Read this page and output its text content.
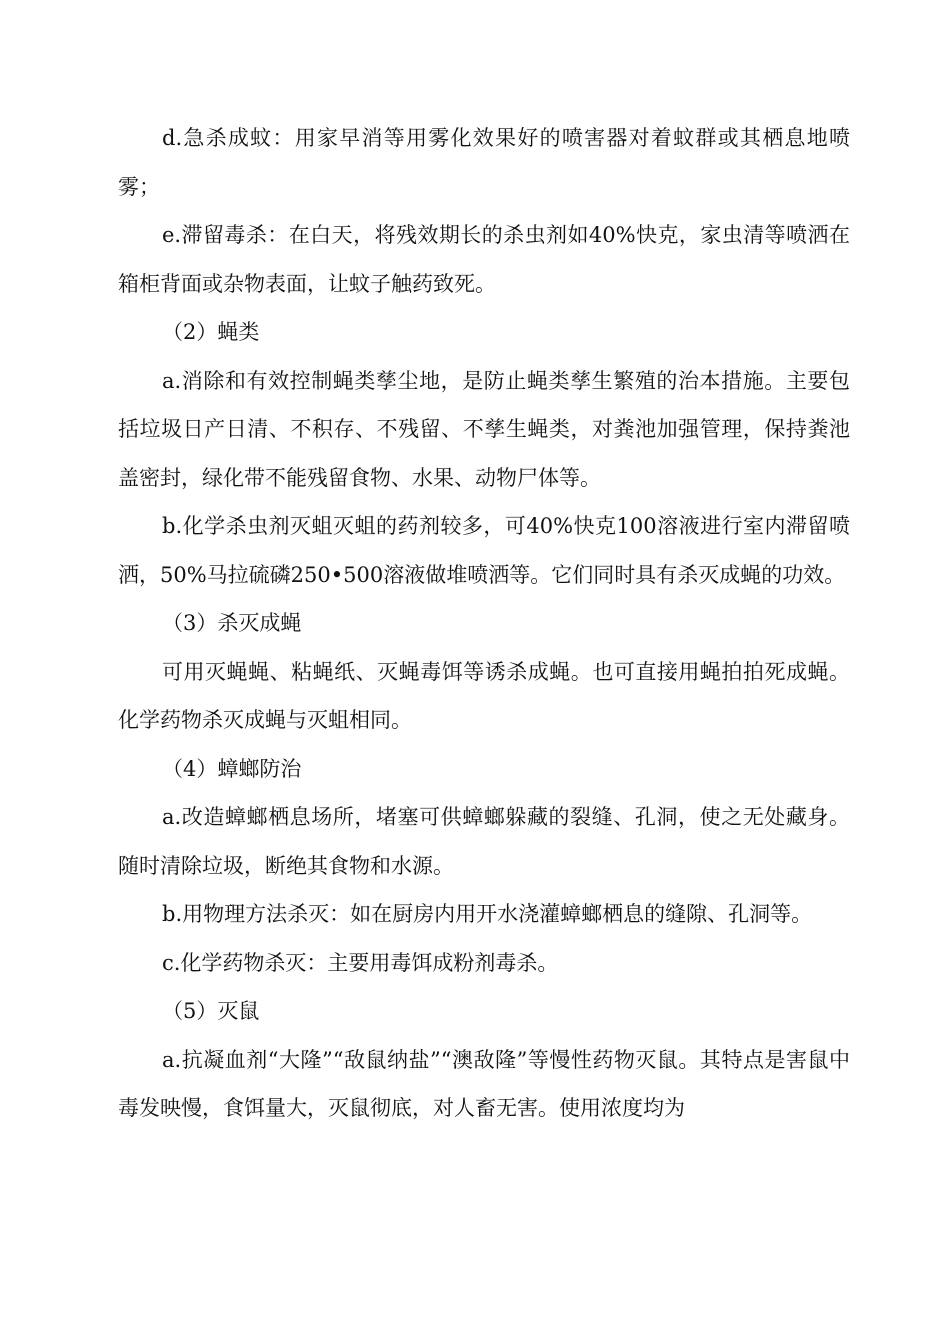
d.急杀成蚊：用家早消等用雾化效果好的喷害器对着蚊群或其栖息地喷雾；

e.滞留毒杀：在白天，将残效期长的杀虫剂如40%快克，家虫清等喷洒在箱柜背面或杂物表面，让蚊子触药致死。

（2）蝇类

a.消除和有效控制蝇类孳尘地，是防止蝇类孳生繁殖的治本措施。主要包括垃圾日产日清、不积存、不残留、不孳生蝇类，对粪池加强管理，保持粪池盖密封，绿化带不能残留食物、水果、动物尸体等。

b.化学杀虫剂灭蛆灭蛆的药剂较多，可40%快克100溶液进行室内滞留喷洒，50%马拉硫磷250•500溶液做堆喷洒等。它们同时具有杀灭成蝇的功效。

（3）杀灭成蝇

可用灭蝇蝇、粘蝇纸、灭蝇毒饵等诱杀成蝇。也可直接用蝇拍拍死成蝇。化学药物杀灭成蝇与灭蛆相同。

（4）蟑螂防治

a.改造蟑螂栖息场所，堵塞可供蟑螂躲藏的裂缝、孔洞，使之无处藏身。随时清除垃圾，断绝其食物和水源。

b.用物理方法杀灭：如在厨房内用开水浇灌蟑螂栖息的缝隙、孔洞等。

c.化学药物杀灭：主要用毒饵成粉剂毒杀。

（5）灭鼠

a.抗凝血剂“大隆”“敌鼠纳盐”“澳敌隆”等慢性药物灭鼠。其特点是害鼠中毒发映慢，食饵量大，灭鼠彻底，对人畜无害。使用浓度均为
